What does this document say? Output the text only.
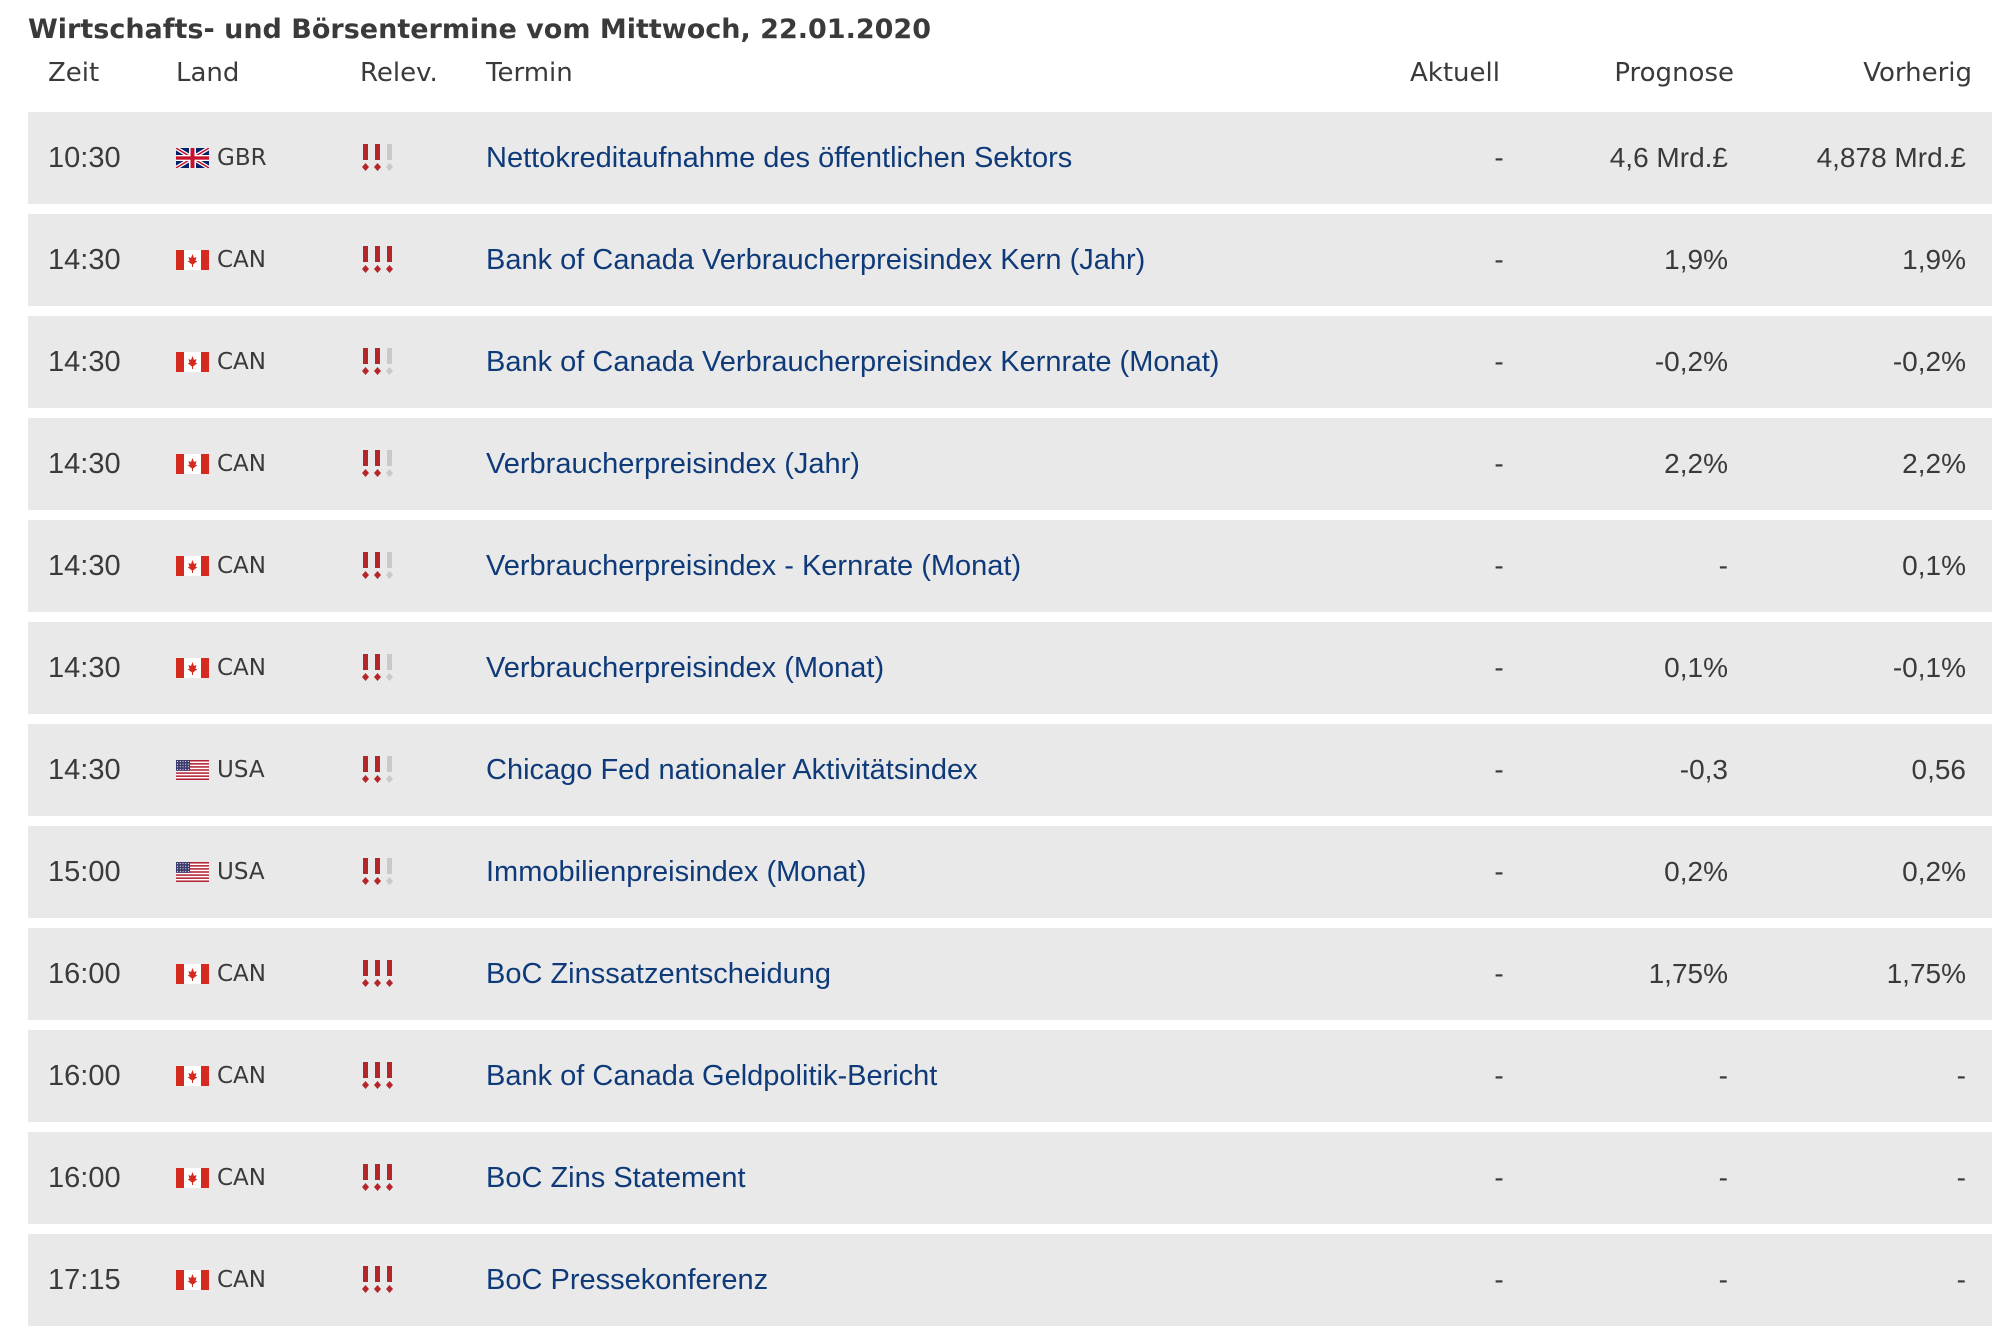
Wirtschafts- und Börsentermine vom Mittwoch, 22.01.2020
Zeit	Land	Relev. Termin	Aktuell	Prognose	Vorherig
10:30	GBR	Nettokreditaufnahme des öffentlichen Sektors	-	4,6 Mrd.£	4,878 Mrd.£
14:30	CAN	Bank of Canada Verbraucherpreisindex Kern (Jahr)	-	1,9%	1,9%
14:30	CAN	Bank of Canada Verbraucherpreisindex Kernrate (Monat)	-	-0,2%	-0,2%
14:30	CAN	Verbraucherpreisindex (Jahr)	-	2,2%	2,2%
14:30	CAN	Verbraucherpreisindex - Kernrate (Monat)	-	-	0,1%
14:30	CAN	Verbraucherpreisindex (Monat)	-	0,1%	-0,1%
14:30	USA	Chicago Fed nationaler Aktivitätsindex	-	-0,3	0,56
15:00	USA	Immobilienpreisindex (Monat)	-	0,2%	0,2%
16:00	CAN	BoC Zinssatzentscheidung	-	1,75%	1,75%
16:00	CAN	Bank of Canada Geldpolitik-Bericht	-	-	-
16:00	CAN	BoC Zins Statement	-	-	-
17:15	CAN	BoC Pressekonferenz	-	-	-
